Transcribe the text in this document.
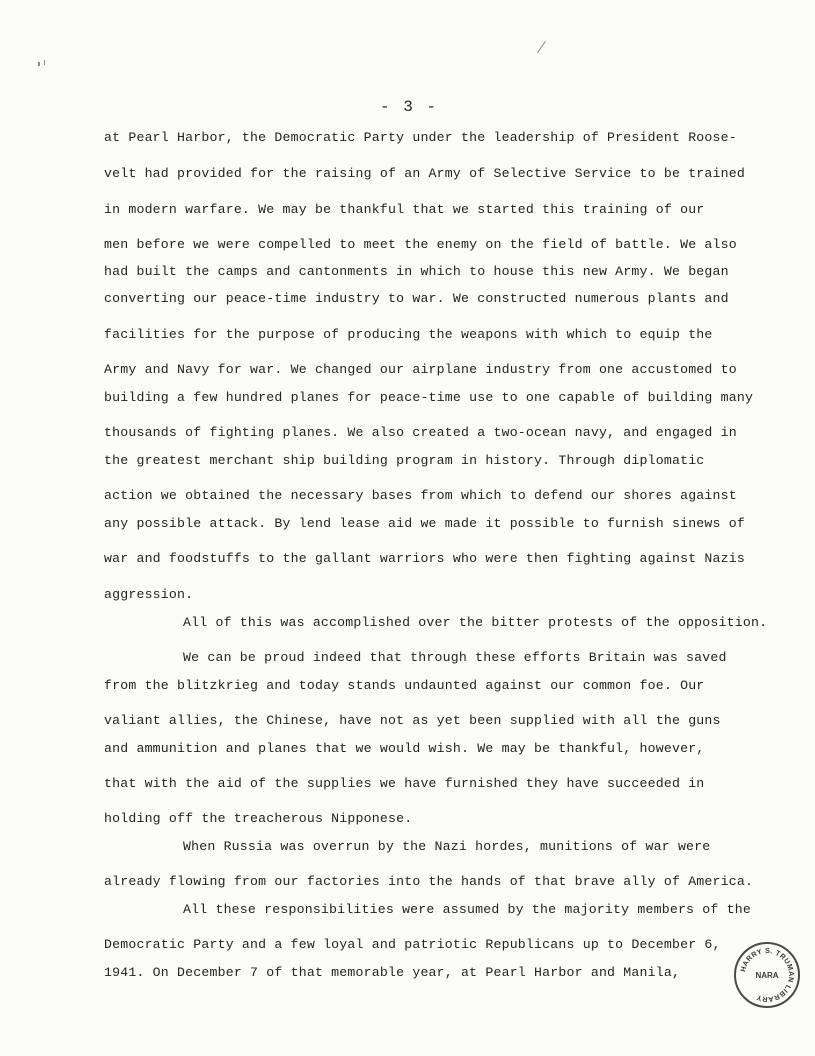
- 3 -
at Pearl Harbor, the Democratic Party under the leadership of President Roose-
velt had provided for the raising of an Army of Selective Service to be trained
in modern warfare. We may be thankful that we started this training of our
men before we were compelled to meet the enemy on the field of battle. We also
had built the camps and cantonments in which to house this new Army. We began
converting our peace-time industry to war. We constructed numerous plants and
facilities for the purpose of producing the weapons with which to equip the
Army and Navy for war. We changed our airplane industry from one accustomed to
building a few hundred planes for peace-time use to one capable of building many
thousands of fighting planes. We also created a two-ocean navy, and engaged in
the greatest merchant ship building program in history. Through diplomatic
action we obtained the necessary bases from which to defend our shores against
any possible attack. By lend lease aid we made it possible to furnish sinews of
war and foodstuffs to the gallant warriors who were then fighting against Nazis
aggression.
All of this was accomplished over the bitter protests of the opposition.
We can be proud indeed that through these efforts Britain was saved
from the blitzkrieg and today stands undaunted against our common foe. Our
valiant allies, the Chinese, have not as yet been supplied with all the guns
and ammunition and planes that we would wish. We may be thankful, however,
that with the aid of the supplies we have furnished they have succeeded in
holding off the treacherous Nipponese.
When Russia was overrun by the Nazi hordes, munitions of war were
already flowing from our factories into the hands of that brave ally of America.
All these responsibilities were assumed by the majority members of the
Democratic Party and a few loyal and patriotic Republicans up to December 6,
1941. On December 7 of that memorable year, at Pearl Harbor and Manila,	HARRY S. TRUMAN LIBRARY
NARA
